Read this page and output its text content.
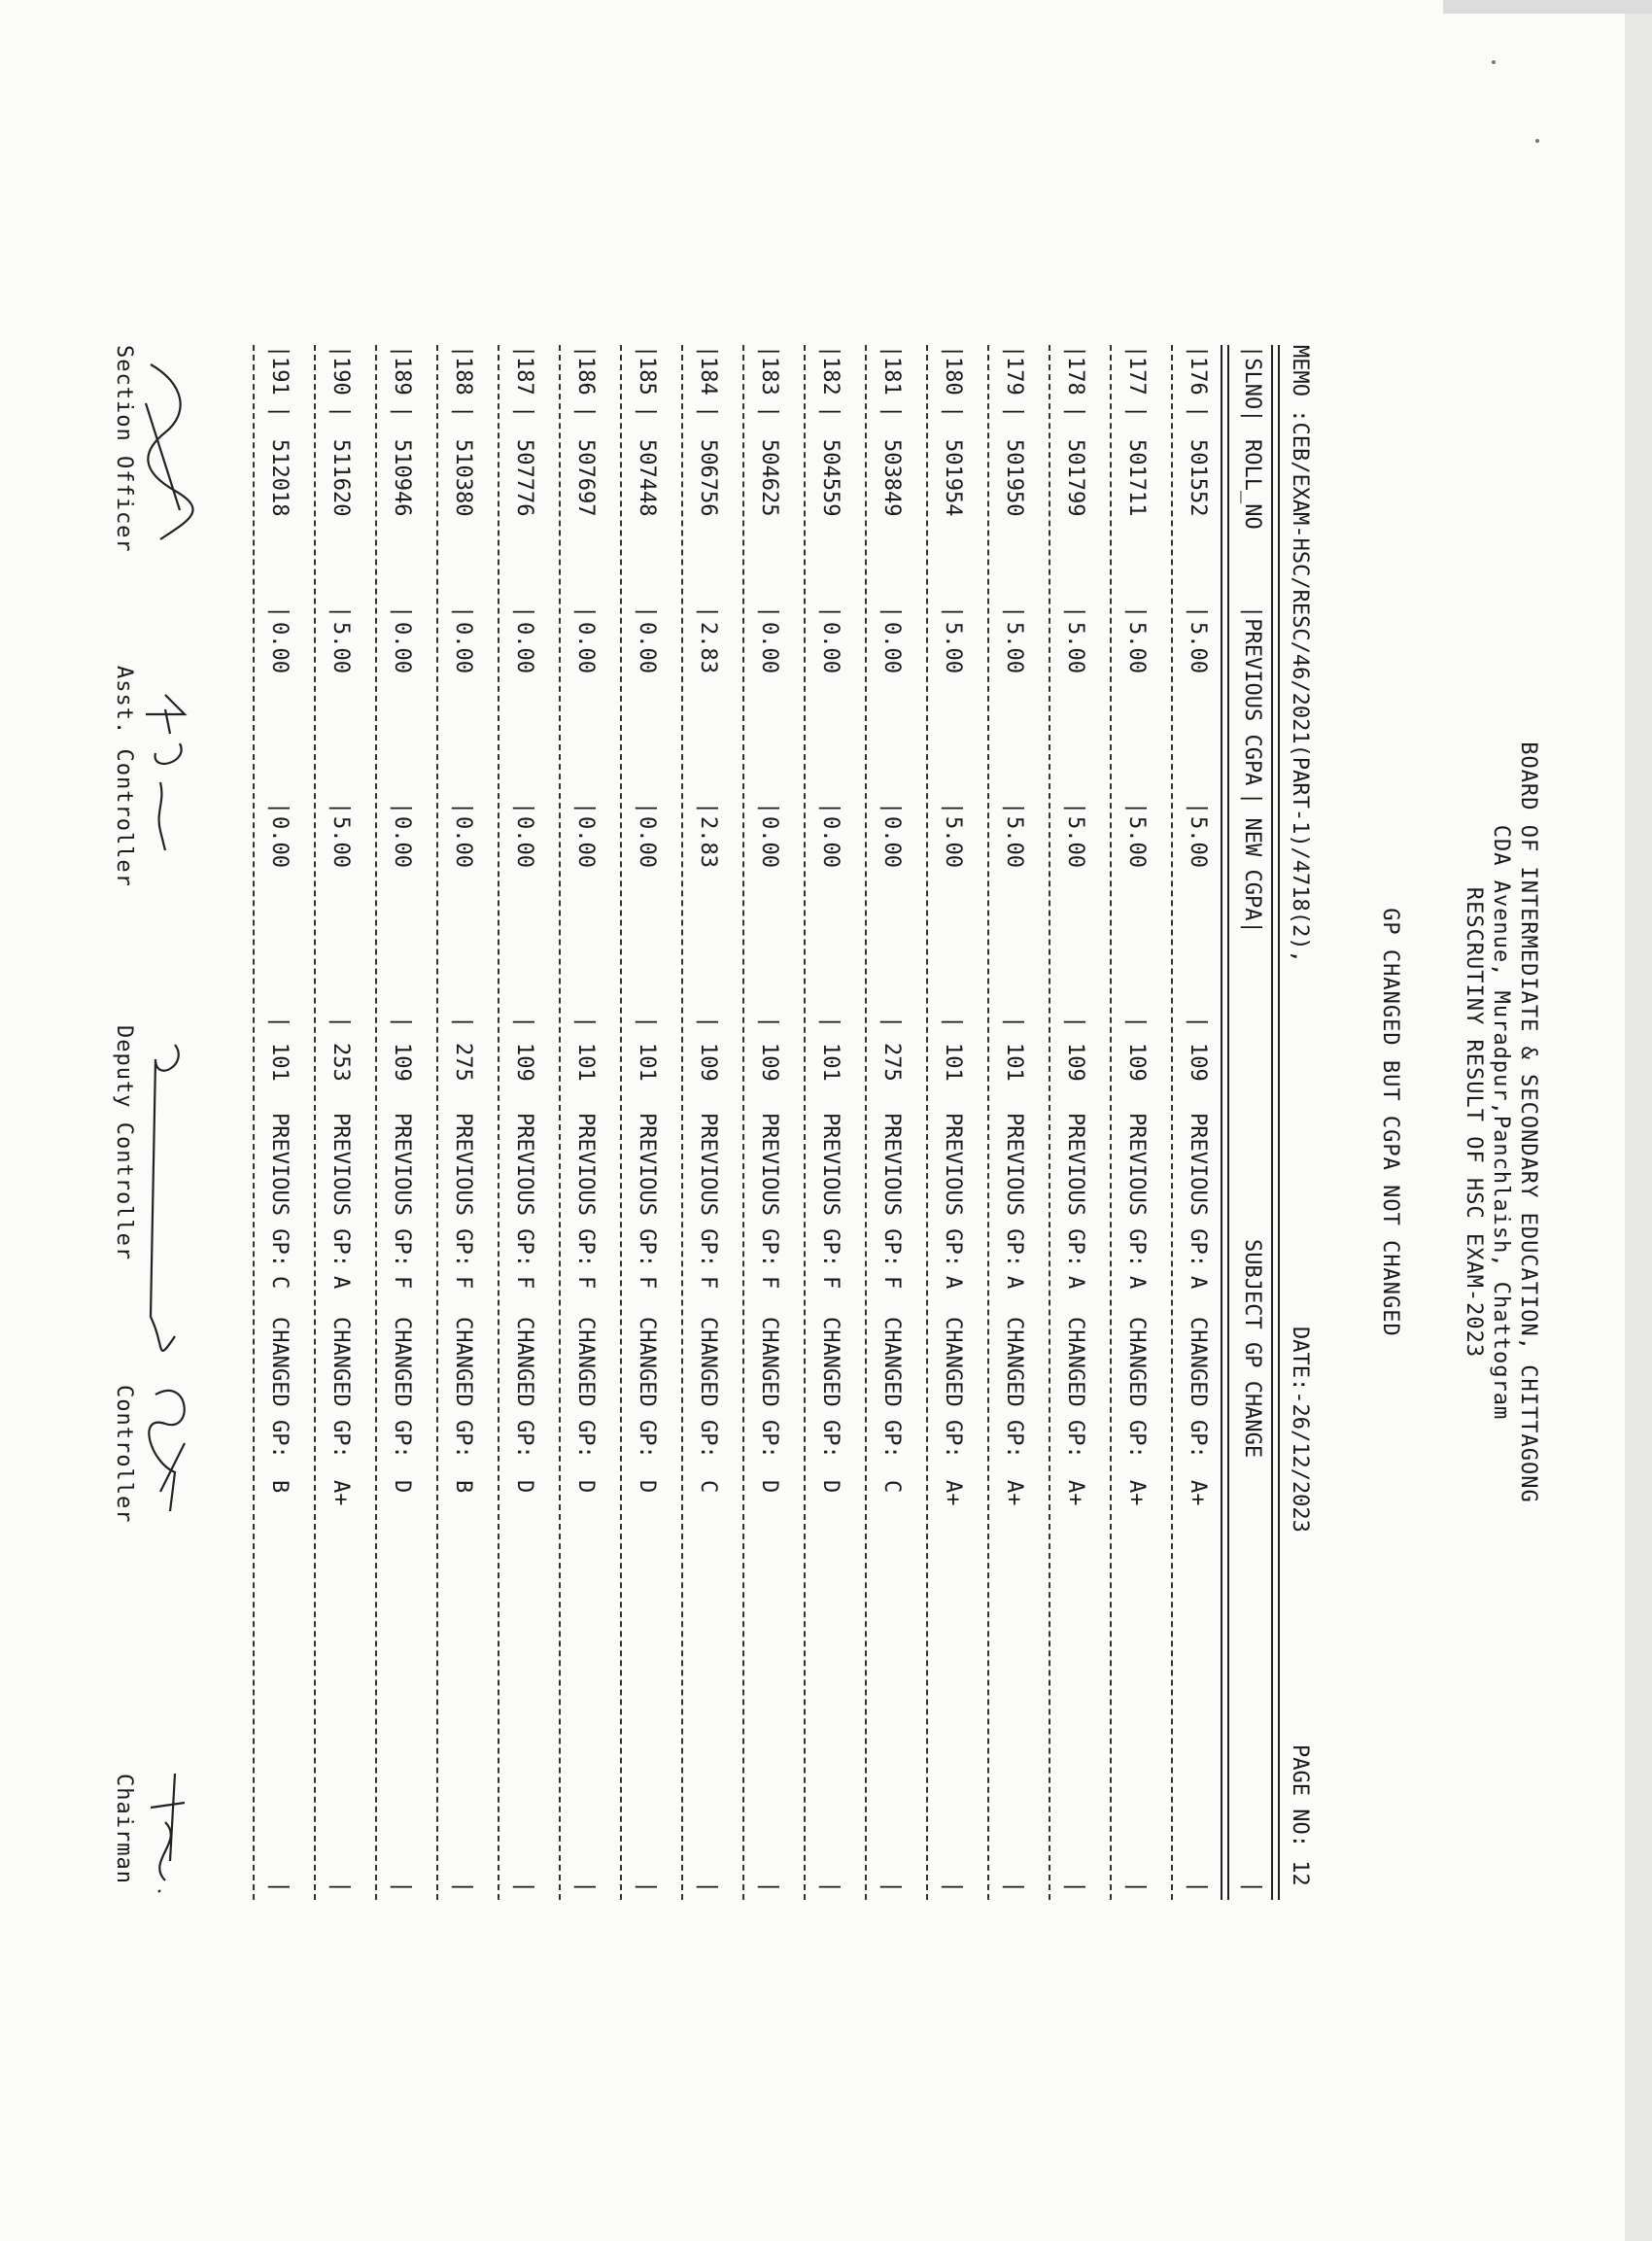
BOARD OF INTERMEDIATE & SECONDARY EDUCATION, CHITTAGONG
CDA Avenue, Muradpur,Panchlaish, Chattogram
RESCRUTINY RESULT OF HSC EXAM-2023
GP CHANGED BUT CGPA NOT CHANGED

MEMO :CEB/EXAM-HSC/RESC/46/2021(PART-1)/4718(2),

DATE:-26/12/2023

PAGE NO: 12

|SLNO|

ROLL_NO

|PREVIOUS CGPA

| NEW CGPA|

SUBJECT GP CHANGE

|

|
176
|
501552
|
5.00
|
5.00
|
109
PREVIOUS GP:
A
CHANGED GP:
A+
|
|
177
|
501711
|
5.00
|
5.00
|
109
PREVIOUS GP:
A
CHANGED GP:
A+
|
|
178
|
501799
|
5.00
|
5.00
|
109
PREVIOUS GP:
A
CHANGED GP:
A+
|
|
179
|
501950
|
5.00
|
5.00
|
101
PREVIOUS GP:
A
CHANGED GP:
A+
|
|
180
|
501954
|
5.00
|
5.00
|
101
PREVIOUS GP:
A
CHANGED GP:
A+
|
|
181
|
503849
|
0.00
|
0.00
|
275
PREVIOUS GP:
F
CHANGED GP:
C
|
|
182
|
504559
|
0.00
|
0.00
|
101
PREVIOUS GP:
F
CHANGED GP:
D
|
|
183
|
504625
|
0.00
|
0.00
|
109
PREVIOUS GP:
F
CHANGED GP:
D
|
|
184
|
506756
|
2.83
|
2.83
|
109
PREVIOUS GP:
F
CHANGED GP:
C
|
|
185
|
507448
|
0.00
|
0.00
|
101
PREVIOUS GP:
F
CHANGED GP:
D
|
|
186
|
507697
|
0.00
|
0.00
|
101
PREVIOUS GP:
F
CHANGED GP:
D
|
|
187
|
507776
|
0.00
|
0.00
|
109
PREVIOUS GP:
F
CHANGED GP:
D
|
|
188
|
510380
|
0.00
|
0.00
|
275
PREVIOUS GP:
F
CHANGED GP:
B
|
|
189
|
510946
|
0.00
|
0.00
|
109
PREVIOUS GP:
F
CHANGED GP:
D
|
|
190
|
511620
|
5.00
|
5.00
|
253
PREVIOUS GP:
A
CHANGED GP:
A+
|
|
191
|
512018
|
0.00
|
0.00
|
101
PREVIOUS GP:
C
CHANGED GP:
B
|
Section Officer
Asst. Controller
Deputy Controller
Controller
Chairman
